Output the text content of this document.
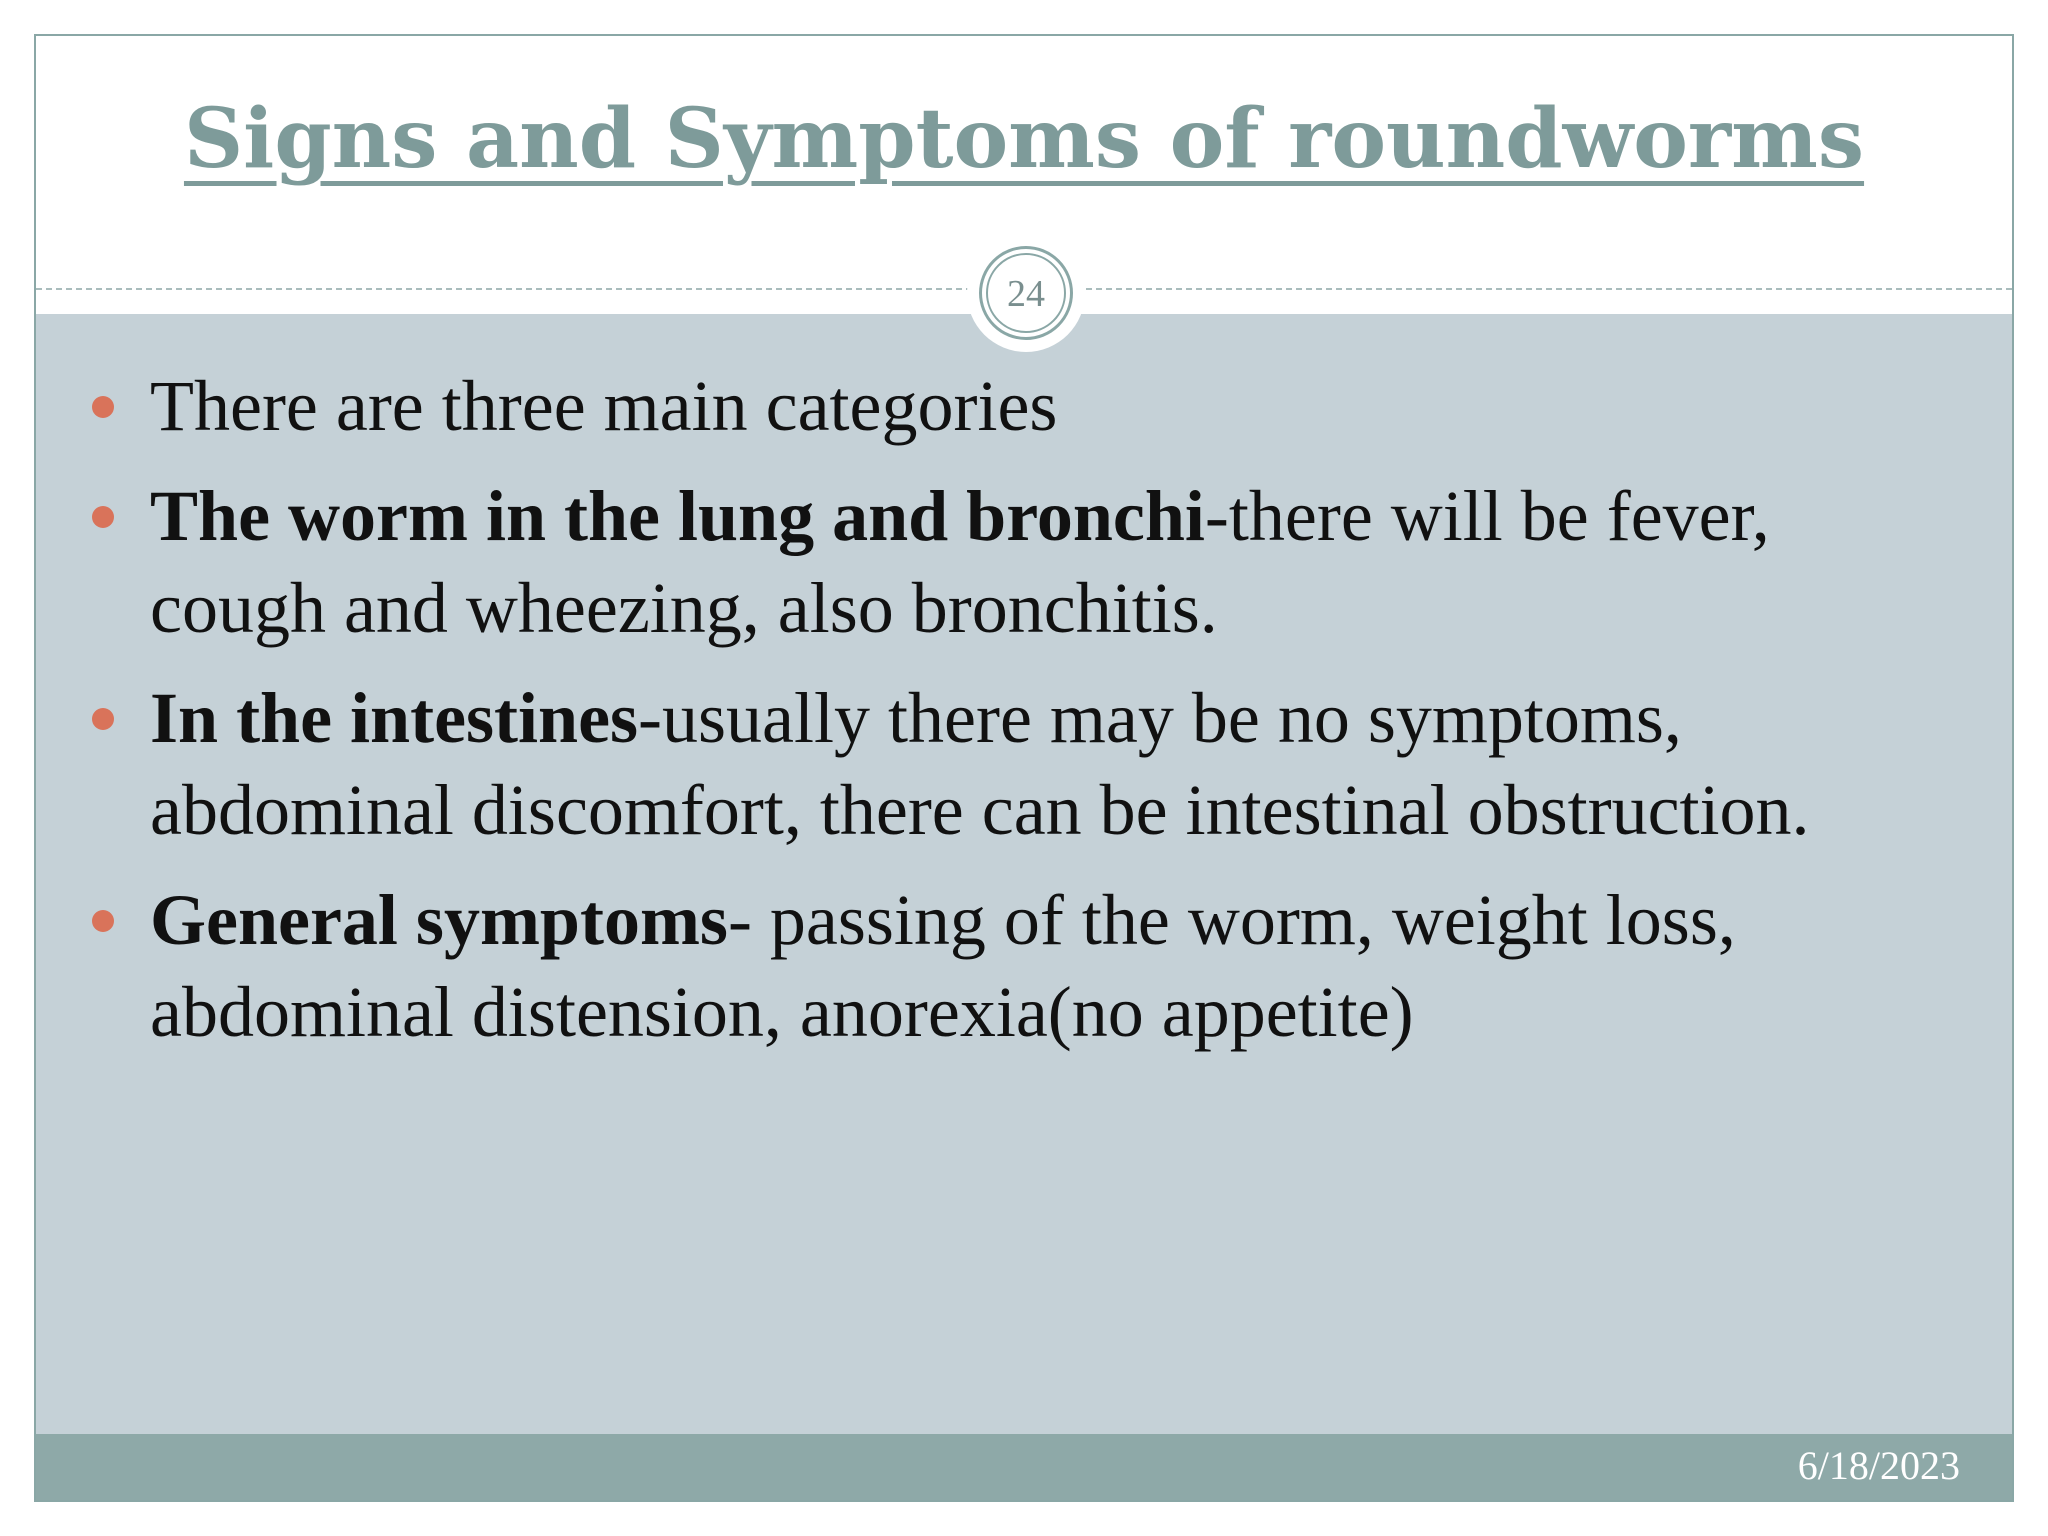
Signs and Symptoms of roundworms
6/18/2023
24
There are three main categories
The worm in the lung and bronchi-there will be fever, cough and wheezing, also bronchitis.
In the intestines-usually there may be no symptoms, abdominal discomfort, there can be intestinal obstruction.
General symptoms- passing of the worm, weight loss, abdominal distension, anorexia(no appetite)
